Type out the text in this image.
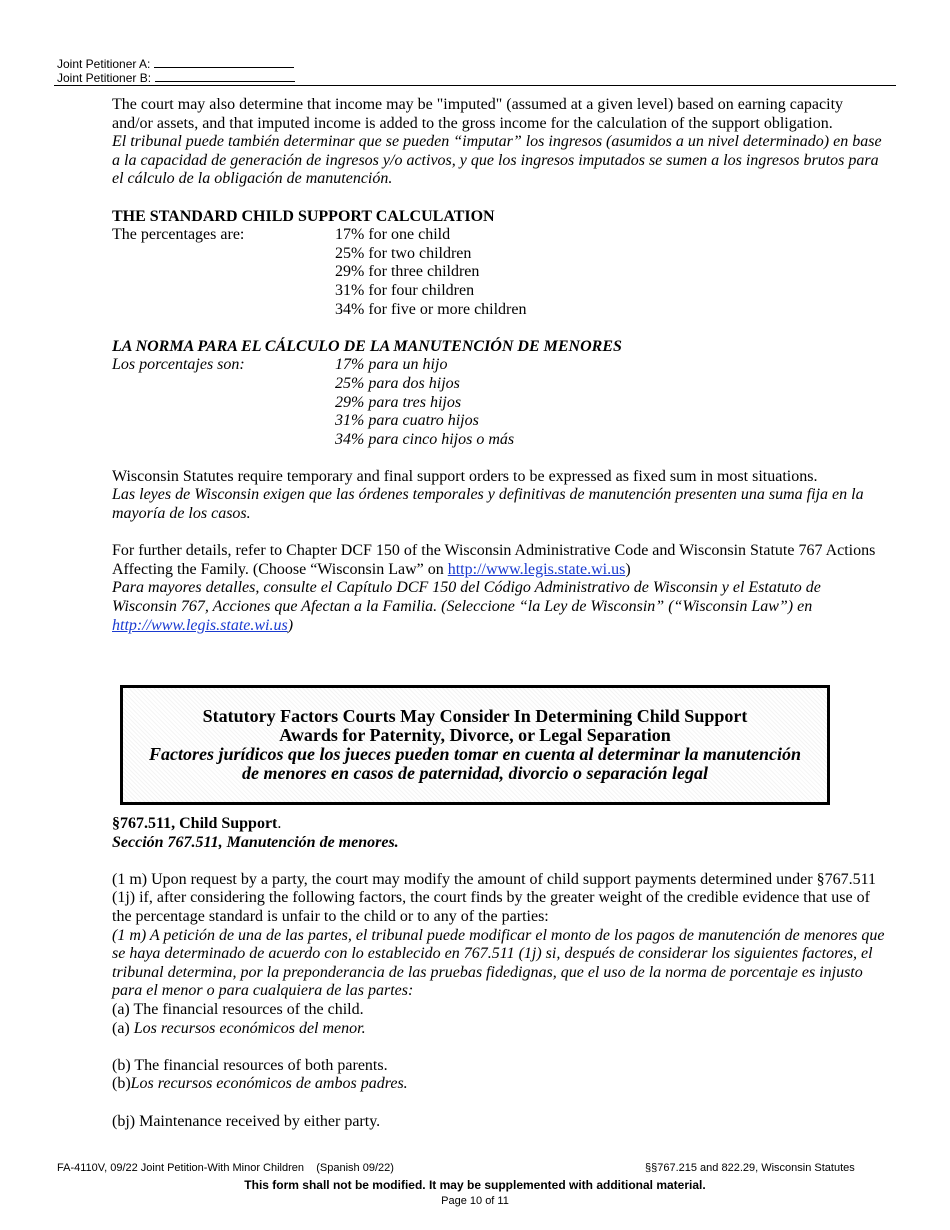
Joint Petitioner A:
Joint Petitioner B:

The court may also determine that income may be "imputed" (assumed at a given level) based on earning capacity and/or assets, and that imputed income is added to the gross income for the calculation of the support obligation.

El tribunal puede también determinar que se pueden “imputar” los ingresos (asumidos a un nivel determinado) en base a la capacidad de generación de ingresos y/o activos, y que los ingresos imputados se sumen a los ingresos brutos para el cálculo de la obligación de manutención.

THE STANDARD CHILD SUPPORT CALCULATION

The percentages are:	17% for one child
25% for two children
29% for three children
31% for four children
34% for five or more children

LA NORMA PARA EL CÁLCULO DE LA MANUTENCIÓN DE MENORES

Los porcentajes son:	17% para un hijo
25% para dos hijos
29% para tres hijos
31% para cuatro hijos
34% para cinco hijos o más

Wisconsin Statutes require temporary and final support orders to be expressed as fixed sum in most situations.

Las leyes de Wisconsin exigen que las órdenes temporales y definitivas de manutención presenten una suma fija en la mayoría de los casos.

For further details, refer to Chapter DCF 150 of the Wisconsin Administrative Code and Wisconsin Statute 767 Actions Affecting the Family. (Choose “Wisconsin Law” on http://www.legis.state.wi.us)

Para mayores detalles, consulte el Capítulo DCF 150 del Código Administrativo de Wisconsin y el Estatuto de Wisconsin 767, Acciones que Afectan a la Familia. (Seleccione “la Ley de Wisconsin” (“Wisconsin Law”) en http://www.legis.state.wi.us)

Statutory Factors Courts May Consider In Determining Child Support
Awards for Paternity, Divorce, or Legal Separation
Factores jurídicos que los jueces pueden tomar en cuenta al determinar la manutención
de menores en casos de paternidad, divorcio o separación legal

§767.511, Child Support.

Sección 767.511, Manutención de menores.

(1 m) Upon request by a party, the court may modify the amount of child support payments determined under §767.511 (1j) if, after considering the following factors, the court finds by the greater weight of the credible evidence that use of the percentage standard is unfair to the child or to any of the parties:

(1 m) A petición de una de las partes, el tribunal puede modificar el monto de los pagos de manutención de menores que se haya determinado de acuerdo con lo establecido en 767.511 (1j) si, después de considerar los siguientes factores, el tribunal determina, por la preponderancia de las pruebas fidedignas, que el uso de la norma de porcentaje es injusto para el menor o para cualquiera de las partes:

(a) The financial resources of the child.

(a) Los recursos económicos del menor.

(b) The financial resources of both parents.

(b)Los recursos económicos de ambos padres.

(bj) Maintenance received by either party.

FA-4110V, 09/22 Joint Petition-With Minor Children    (Spanish 09/22)	§§767.215 and 822.29, Wisconsin Statutes
This form shall not be modified. It may be supplemented with additional material.
Page 10 of 11
